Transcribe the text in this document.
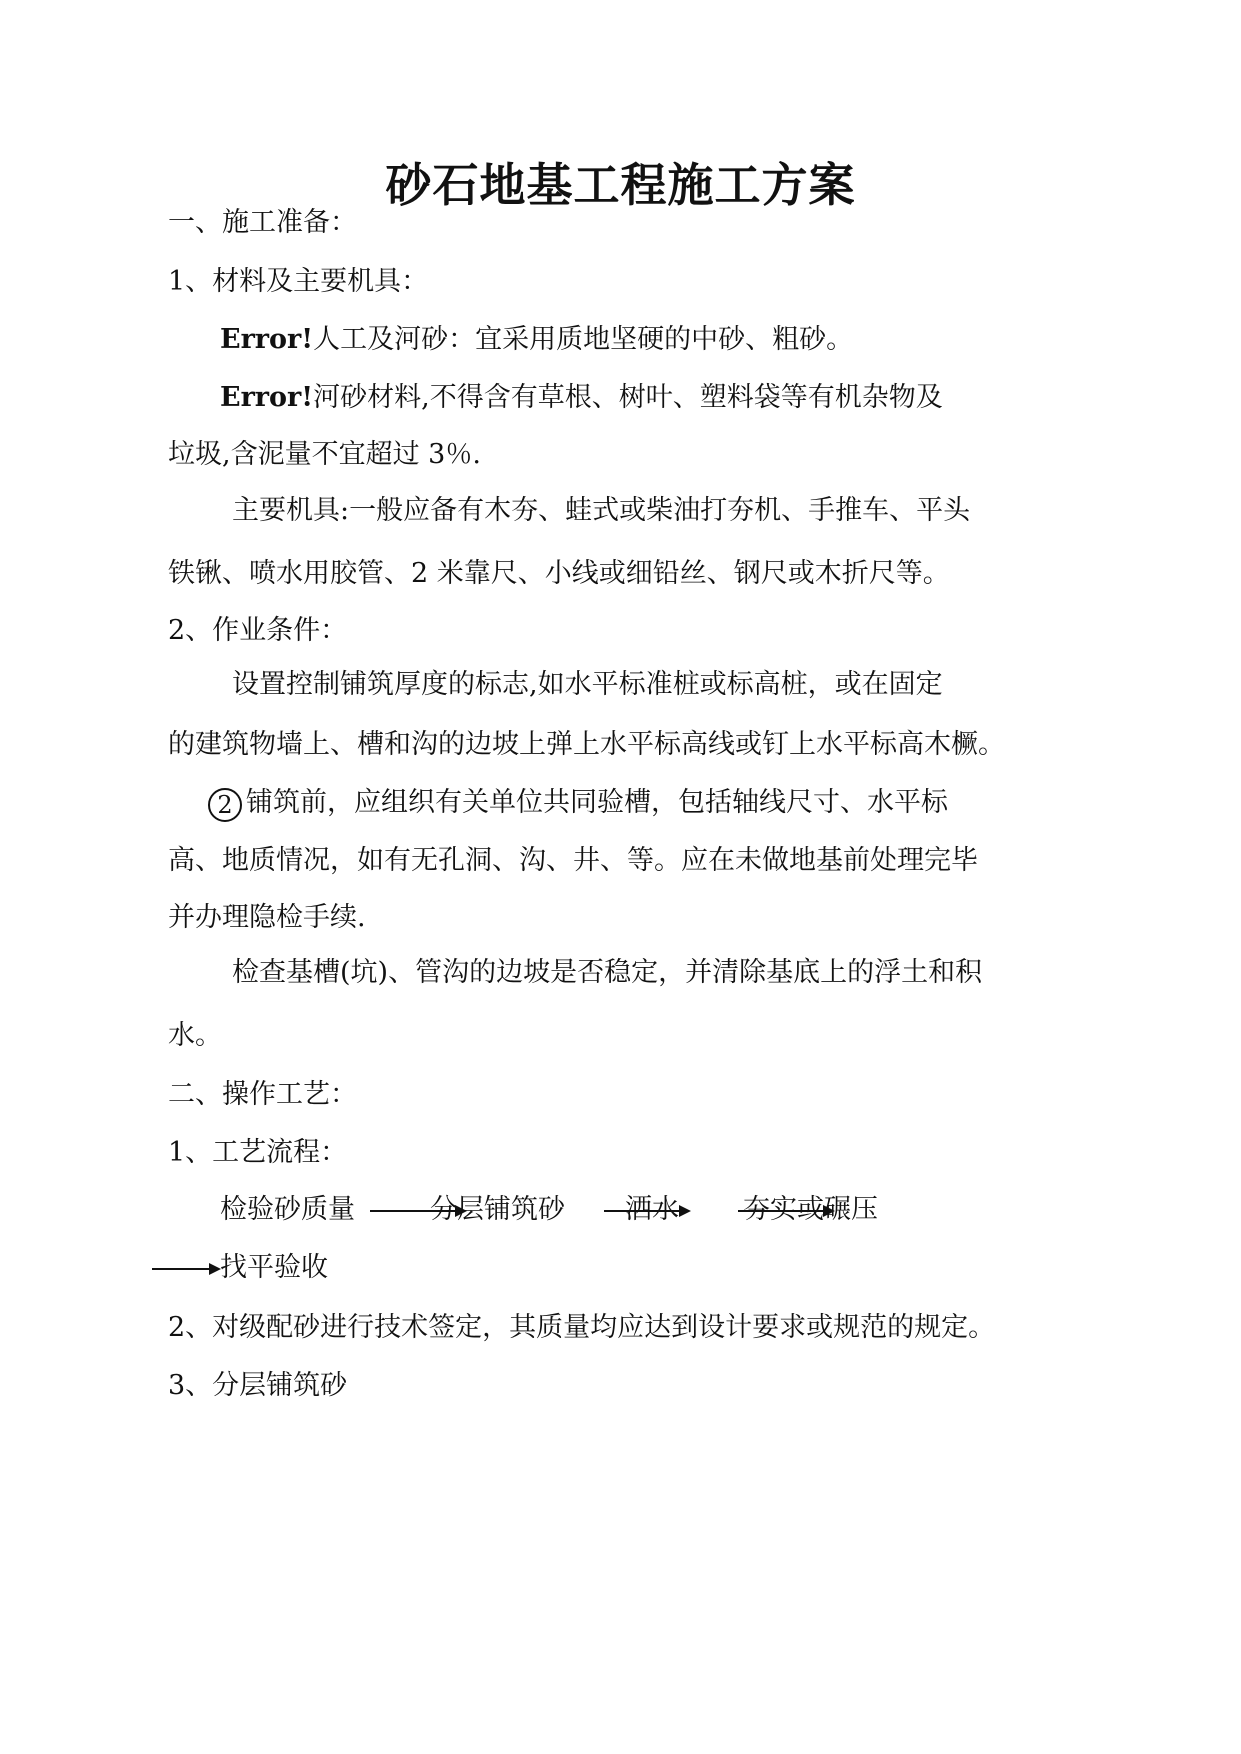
砂石地基工程施工方案
一、施工准备：
1、材料及主要机具：
Error!人工及河砂：宜采用质地坚硬的中砂、粗砂。
Error!河砂材料,不得含有草根、树叶、塑料袋等有机杂物及
垃圾,含泥量不宜超过 3％.
主要机具:一般应备有木夯、蛙式或柴油打夯机、手推车、平头
铁锹、喷水用胶管、2 米靠尺、小线或细铅丝、钢尺或木折尺等。
2、作业条件：
设置控制铺筑厚度的标志,如水平标准桩或标高桩，或在固定
的建筑物墙上、槽和沟的边坡上弹上水平标高线或钉上水平标高木橛。
2 铺筑前，应组织有关单位共同验槽，包括轴线尺寸、水平标
高、地质情况，如有无孔洞、沟、井、等。应在未做地基前处理完毕
并办理隐检手续.
检查基槽(坑)、管沟的边坡是否稳定，并清除基底上的浮土和积
水。
二、操作工艺：
1、工艺流程：
检验砂质量	分层铺筑砂 洒水 夯实或碾压
找平验收
2、对级配砂进行技术签定，其质量均应达到设计要求或规范的规定。
3、分层铺筑砂
